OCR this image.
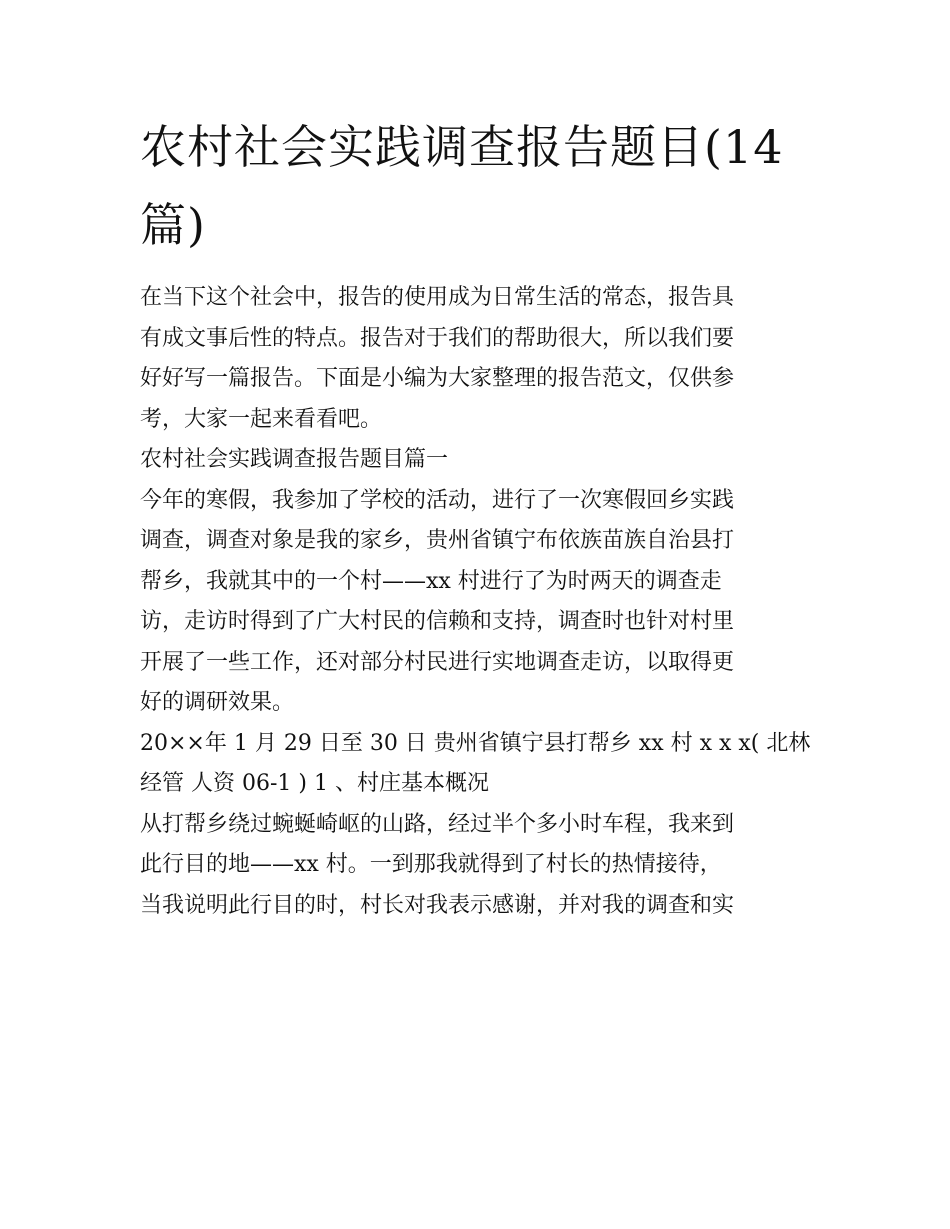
农村社会实践调查报告题目(14
篇)

在当下这个社会中，报告的使用成为日常生活的常态，报告具
有成文事后性的特点。报告对于我们的帮助很大，所以我们要
好好写一篇报告。下面是小编为大家整理的报告范文，仅供参
考，大家一起来看看吧。

农村社会实践调查报告题目篇一

今年的寒假，我参加了学校的活动，进行了一次寒假回乡实践
调查，调查对象是我的家乡，贵州省镇宁布依族苗族自治县打
帮乡，我就其中的一个村——xx 村进行了为时两天的调查走
访，走访时得到了广大村民的信赖和支持，调查时也针对村里
开展了一些工作，还对部分村民进行实地调查走访，以取得更
好的调研效果。

20××年 1 月 29 日至 30 日 贵州省镇宁县打帮乡 xx 村 x x x( 北林
经管 人资 06-1 ) 1 、村庄基本概况

从打帮乡绕过蜿蜒崎岖的山路，经过半个多小时车程，我来到
此行目的地——xx 村。一到那我就得到了村长的热情接待，
当我说明此行目的时，村长对我表示感谢，并对我的调查和实
